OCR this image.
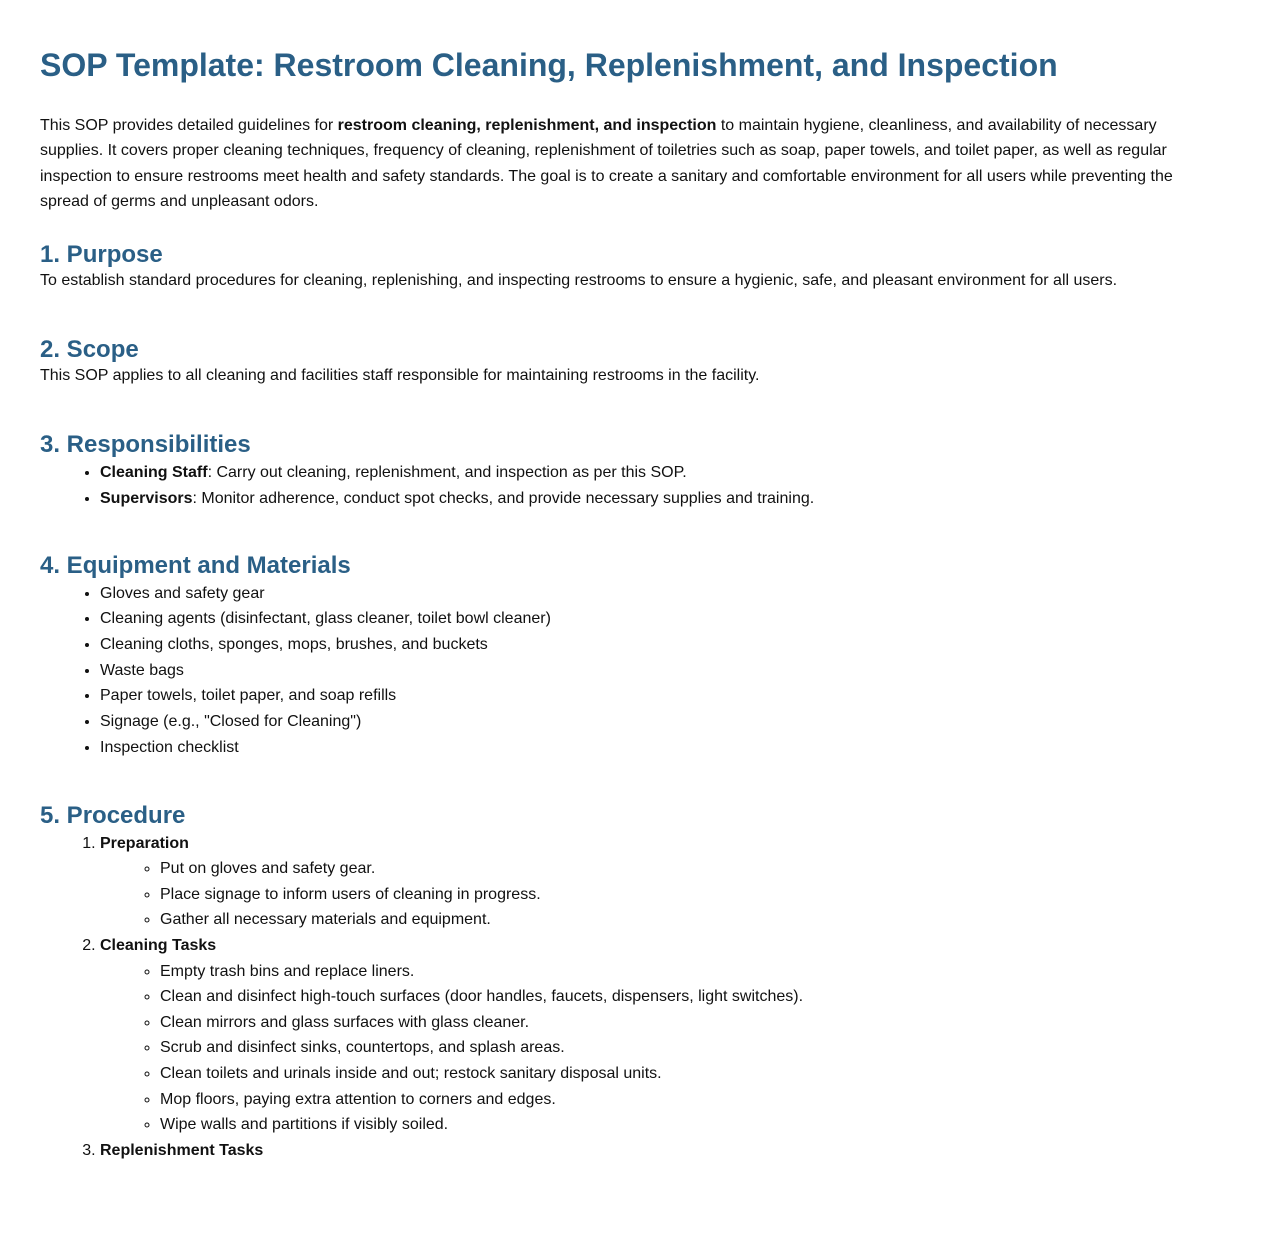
SOP Template: Restroom Cleaning, Replenishment, and Inspection

This SOP provides detailed guidelines for restroom cleaning, replenishment, and inspection to maintain hygiene, cleanliness, and availability of necessary supplies. It covers proper cleaning techniques, frequency of cleaning, replenishment of toiletries such as soap, paper towels, and toilet paper, as well as regular inspection to ensure restrooms meet health and safety standards. The goal is to create a sanitary and comfortable environment for all users while preventing the spread of germs and unpleasant odors.

1. Purpose

To establish standard procedures for cleaning, replenishing, and inspecting restrooms to ensure a hygienic, safe, and pleasant environment for all users.

2. Scope

This SOP applies to all cleaning and facilities staff responsible for maintaining restrooms in the facility.

3. Responsibilities
• Cleaning Staff: Carry out cleaning, replenishment, and inspection as per this SOP.
• Supervisors: Monitor adherence, conduct spot checks, and provide necessary supplies and training.
4. Equipment and Materials
• Gloves and safety gear
• Cleaning agents (disinfectant, glass cleaner, toilet bowl cleaner)
• Cleaning cloths, sponges, mops, brushes, and buckets
• Waste bags
• Paper towels, toilet paper, and soap refills
• Signage (e.g., "Closed for Cleaning")
• Inspection checklist
5. Procedure
1. Preparation
◦ Put on gloves and safety gear.
◦ Place signage to inform users of cleaning in progress.
◦ Gather all necessary materials and equipment.
2. Cleaning Tasks
◦ Empty trash bins and replace liners.
◦ Clean and disinfect high-touch surfaces (door handles, faucets, dispensers, light switches).
◦ Clean mirrors and glass surfaces with glass cleaner.
◦ Scrub and disinfect sinks, countertops, and splash areas.
◦ Clean toilets and urinals inside and out; restock sanitary disposal units.
◦ Mop floors, paying extra attention to corners and edges.
◦ Wipe walls and partitions if visibly soiled.
3. Replenishment Tasks
